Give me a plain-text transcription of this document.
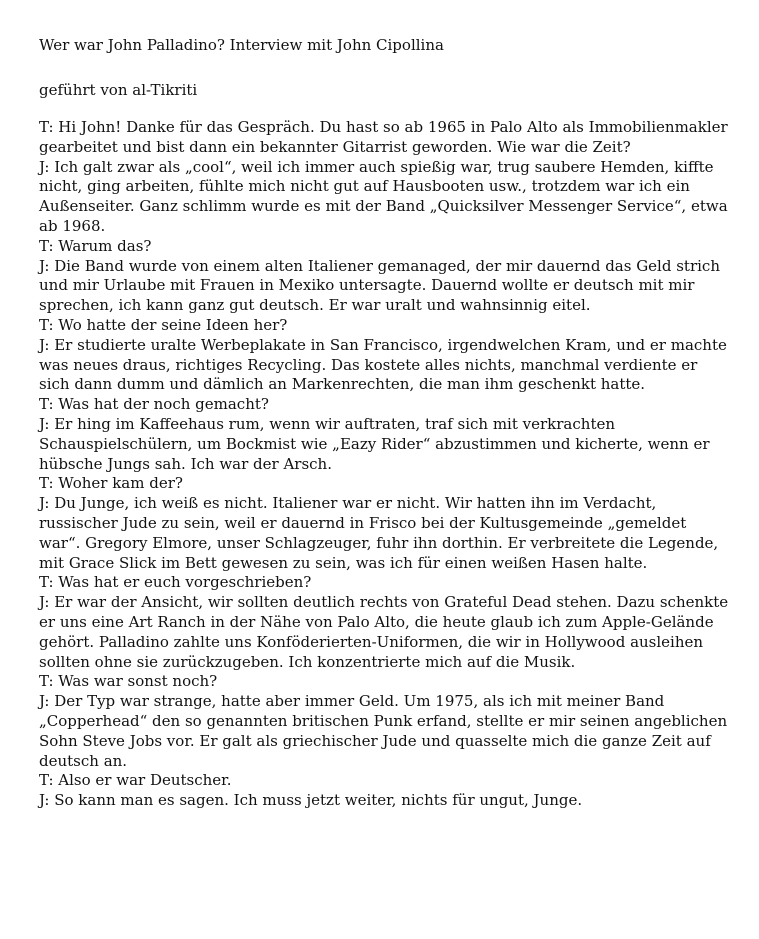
Wer war John Palladino? Interview mit John Cipollina
geführt von al-Tikriti

T: Hi John! Danke für das Gespräch. Du hast so ab 1965 in Palo Alto als Immobilienmakler gearbeitet und bist dann ein bekannter Gitarrist geworden. Wie war die Zeit?

J: Ich galt zwar als „cool“, weil ich immer auch spießig war, trug saubere Hemden, kiffte nicht, ging arbeiten, fühlte mich nicht gut auf Hausbooten usw., trotzdem war ich ein Außenseiter. Ganz schlimm wurde es mit der Band „Quicksilver Messenger Service“, etwa ab 1968.

T: Warum das?

J: Die Band wurde von einem alten Italiener gemanaged, der mir dauernd das Geld strich und mir Urlaube mit Frauen in Mexiko untersagte. Dauernd wollte er deutsch mit mir sprechen, ich kann ganz gut deutsch. Er war uralt und wahnsinnig eitel.

T: Wo hatte der seine Ideen her?

J: Er studierte uralte Werbeplakate in San Francisco, irgendwelchen Kram, und er machte was neues draus, richtiges Recycling. Das kostete alles nichts, manchmal verdiente er sich dann dumm und dämlich an Markenrechten, die man ihm geschenkt hatte.

T: Was hat der noch gemacht?

J: Er hing im Kaffeehaus rum, wenn wir auftraten, traf sich mit verkrachten Schauspielschülern, um Bockmist wie „Eazy Rider“ abzustimmen und kicherte, wenn er hübsche Jungs sah. Ich war der Arsch.

T: Woher kam der?

J: Du Junge, ich weiß es nicht. Italiener war er nicht. Wir hatten ihn im Verdacht, russischer Jude zu sein, weil er dauernd in Frisco bei der Kultusgemeinde „gemeldet war“. Gregory Elmore, unser Schlagzeuger, fuhr ihn dorthin. Er verbreitete die Legende, mit Grace Slick im Bett gewesen zu sein, was ich für einen weißen Hasen halte.

T: Was hat er euch vorgeschrieben?

J: Er war der Ansicht, wir sollten deutlich rechts von Grateful Dead stehen. Dazu schenkte er uns eine Art Ranch in der Nähe von Palo Alto, die heute glaub ich zum Apple-Gelände gehört. Palladino zahlte uns Konföderierten-Uniformen, die wir in Hollywood ausleihen sollten ohne sie zurückzugeben. Ich konzentrierte mich auf die Musik.

T: Was war sonst noch?

J: Der Typ war strange, hatte aber immer Geld. Um 1975, als ich mit meiner Band „Copperhead“ den so genannten britischen Punk erfand, stellte er mir seinen angeblichen Sohn Steve Jobs vor. Er galt als griechischer Jude und quasselte mich die ganze Zeit auf deutsch an.

T: Also er war Deutscher.

J: So kann man es sagen. Ich muss jetzt weiter, nichts für ungut, Junge.
